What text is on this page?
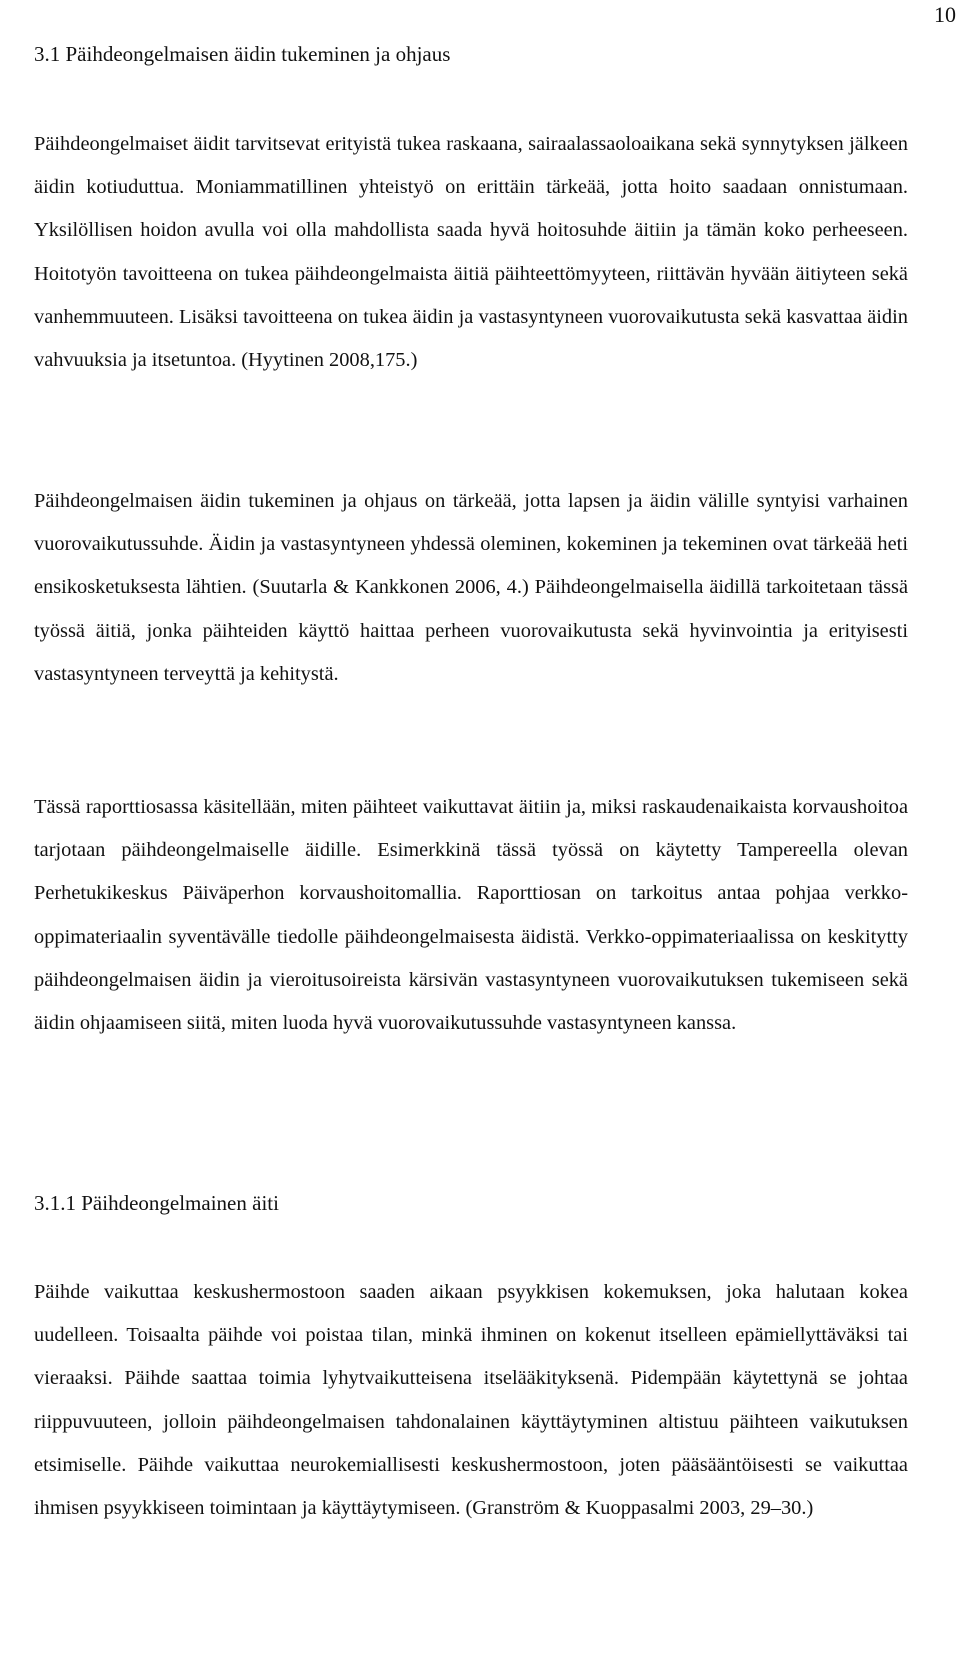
10
3.1 Päihdeongelmaisen äidin tukeminen ja ohjaus

Päihdeongelmaiset äidit tarvitsevat erityistä tukea raskaana, sairaalassaoloaikana sekä synnytyksen jälkeen äidin kotiuduttua. Moniammatillinen yhteistyö on erittäin tärkeää, jotta hoito saadaan onnistumaan. Yksilöllisen hoidon avulla voi olla mahdollista saada hyvä hoitosuhde äitiin ja tämän koko perheeseen. Hoitotyön tavoitteena on tukea päihdeongelmaista äitiä päihteettömyyteen, riittävän hyvään äitiyteen sekä vanhemmuuteen. Lisäksi tavoitteena on tukea äidin ja vastasyntyneen vuorovaikutusta sekä kasvattaa äidin vahvuuksia ja itsetuntoa. (Hyytinen 2008,175.)

Päihdeongelmaisen äidin tukeminen ja ohjaus on tärkeää, jotta lapsen ja äidin välille syntyisi varhainen vuorovaikutussuhde. Äidin ja vastasyntyneen yhdessä oleminen, kokeminen ja tekeminen ovat tärkeää heti ensikosketuksesta lähtien. (Suutarla & Kankkonen 2006, 4.) Päihdeongelmaisella äidillä tarkoitetaan tässä työssä äitiä, jonka päihteiden käyttö haittaa perheen vuorovaikutusta sekä hyvinvointia ja erityisesti vastasyntyneen terveyttä ja kehitystä.

Tässä raporttiosassa käsitellään, miten päihteet vaikuttavat äitiin ja, miksi raskaudenaikaista korvaushoitoa tarjotaan päihdeongelmaiselle äidille. Esimerkkinä tässä työssä on käytetty Tampereella olevan Perhetukikeskus Päiväperhon korvaushoitomallia. Raporttiosan on tarkoitus antaa pohjaa verkko-oppimateriaalin syventävälle tiedolle päihdeongelmaisesta äidistä. Verkko-oppimateriaalissa on keskitytty päihdeongelmaisen äidin ja vieroitusoireista kärsivän vastasyntyneen vuorovaikutuksen tukemiseen sekä äidin ohjaamiseen siitä, miten luoda hyvä vuorovaikutussuhde vastasyntyneen kanssa.

3.1.1 Päihdeongelmainen äiti

Päihde vaikuttaa keskushermostoon saaden aikaan psyykkisen kokemuksen, joka halutaan kokea uudelleen. Toisaalta päihde voi poistaa tilan, minkä ihminen on kokenut itselleen epämiellyttäväksi tai vieraaksi. Päihde saattaa toimia lyhytvaikutteisena itselääkityksenä. Pidempään käytettynä se johtaa riippuvuuteen, jolloin päihdeongelmaisen tahdonalainen käyttäytyminen altistuu päihteen vaikutuksen etsimiselle. Päihde vaikuttaa neurokemiallisesti keskushermostoon, joten pääsääntöisesti se vaikuttaa ihmisen psyykkiseen toimintaan ja käyttäytymiseen. (Granström & Kuoppasalmi 2003, 29–30.)
